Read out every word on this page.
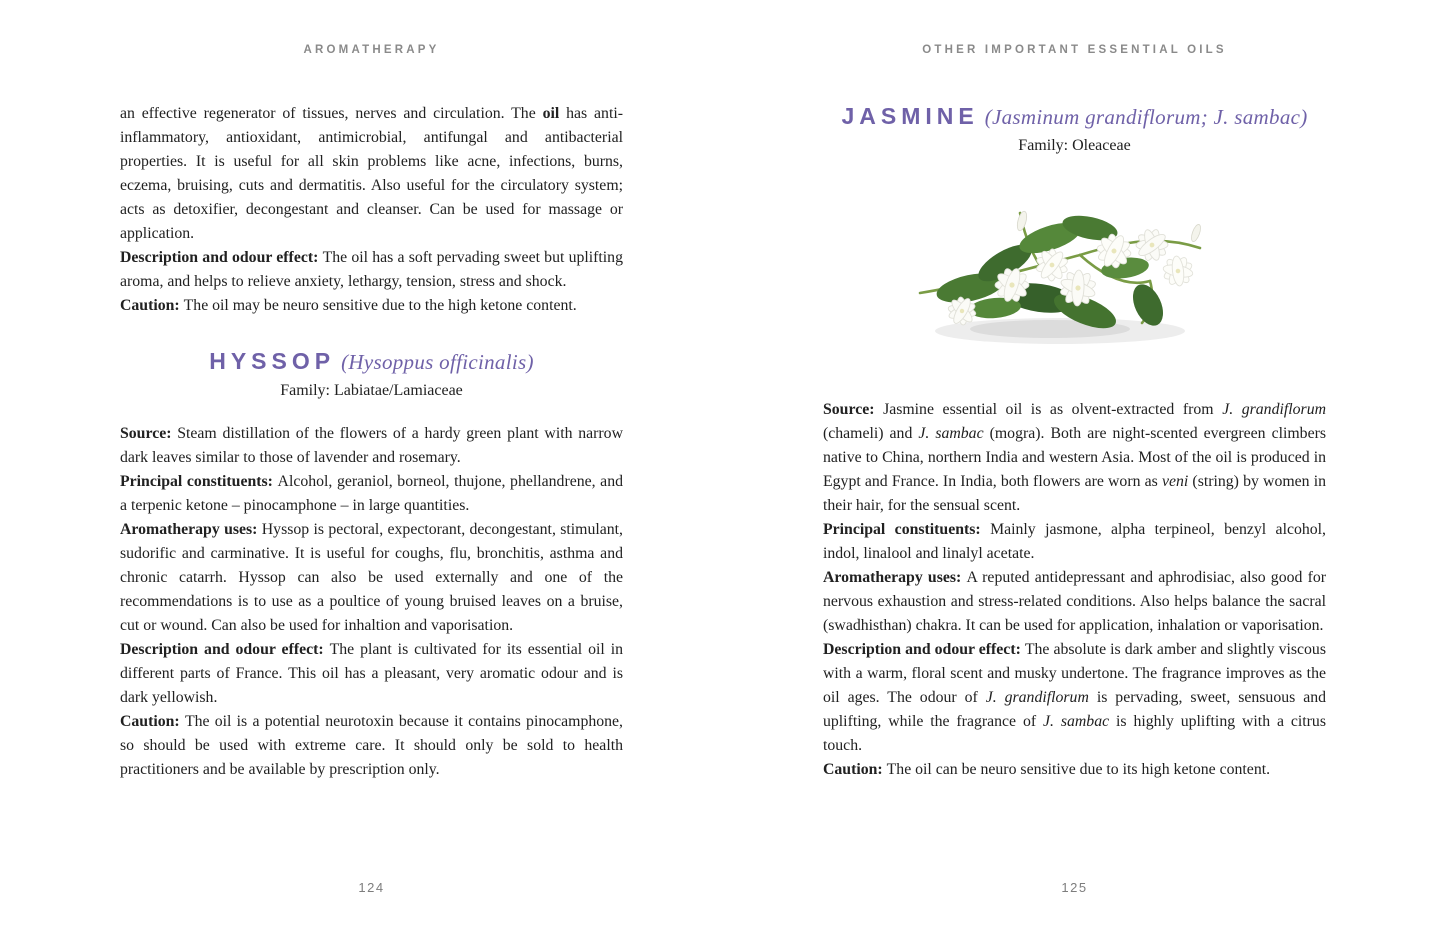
AROMATHERAPY

an effective regenerator of tissues, nerves and circulation. The oil has anti-inflammatory, antioxidant, antimicrobial, antifungal and antibacterial properties. It is useful for all skin problems like acne, infections, burns, eczema, bruising, cuts and dermatitis. Also useful for the circulatory system; acts as detoxifier, decongestant and cleanser. Can be used for massage or application.

Description and odour effect: The oil has a soft pervading sweet but uplifting aroma, and helps to relieve anxiety, lethargy, tension, stress and shock.

Caution: The oil may be neuro sensitive due to the high ketone content.

HYSSOP (Hysoppus officinalis)
Family: Labiatae/Lamiaceae

Source: Steam distillation of the flowers of a hardy green plant with narrow dark leaves similar to those of lavender and rosemary.

Principal constituents: Alcohol, geraniol, borneol, thujone, phellandrene, and a terpenic ketone – pinocamphone – in large quantities.

Aromatherapy uses: Hyssop is pectoral, expectorant, decongestant, stimulant, sudorific and carminative. It is useful for coughs, flu, bronchitis, asthma and chronic catarrh. Hyssop can also be used externally and one of the recommendations is to use as a poultice of young bruised leaves on a bruise, cut or wound. Can also be used for inhaltion and vaporisation.

Description and odour effect: The plant is cultivated for its essential oil in different parts of France. This oil has a pleasant, very aromatic odour and is dark yellowish.

Caution: The oil is a potential neurotoxin because it contains pinocamphone, so should be used with extreme care. It should only be sold to health practitioners and be available by prescription only.

124
OTHER IMPORTANT ESSENTIAL OILS
JASMINE (Jasminum grandiflorum; J. sambac)
Family: Oleaceae

Source: Jasmine essential oil is as olvent-extracted from J. grandiflorum (chameli) and J. sambac (mogra). Both are night-scented evergreen climbers native to China, northern India and western Asia. Most of the oil is produced in Egypt and France. In India, both flowers are worn as veni (string) by women in their hair, for the sensual scent.

Principal constituents: Mainly jasmone, alpha terpineol, benzyl alcohol, indol, linalool and linalyl acetate.

Aromatherapy uses: A reputed antidepressant and aphrodisiac, also good for nervous exhaustion and stress-related conditions. Also helps balance the sacral (swadhisthan) chakra. It can be used for application, inhalation or vaporisation.

Description and odour effect: The absolute is dark amber and slightly viscous with a warm, floral scent and musky undertone. The fragrance improves as the oil ages. The odour of J. grandiflorum is pervading, sweet, sensuous and uplifting, while the fragrance of J. sambac is highly uplifting with a citrus touch.

Caution: The oil can be neuro sensitive due to its high ketone content.

125
